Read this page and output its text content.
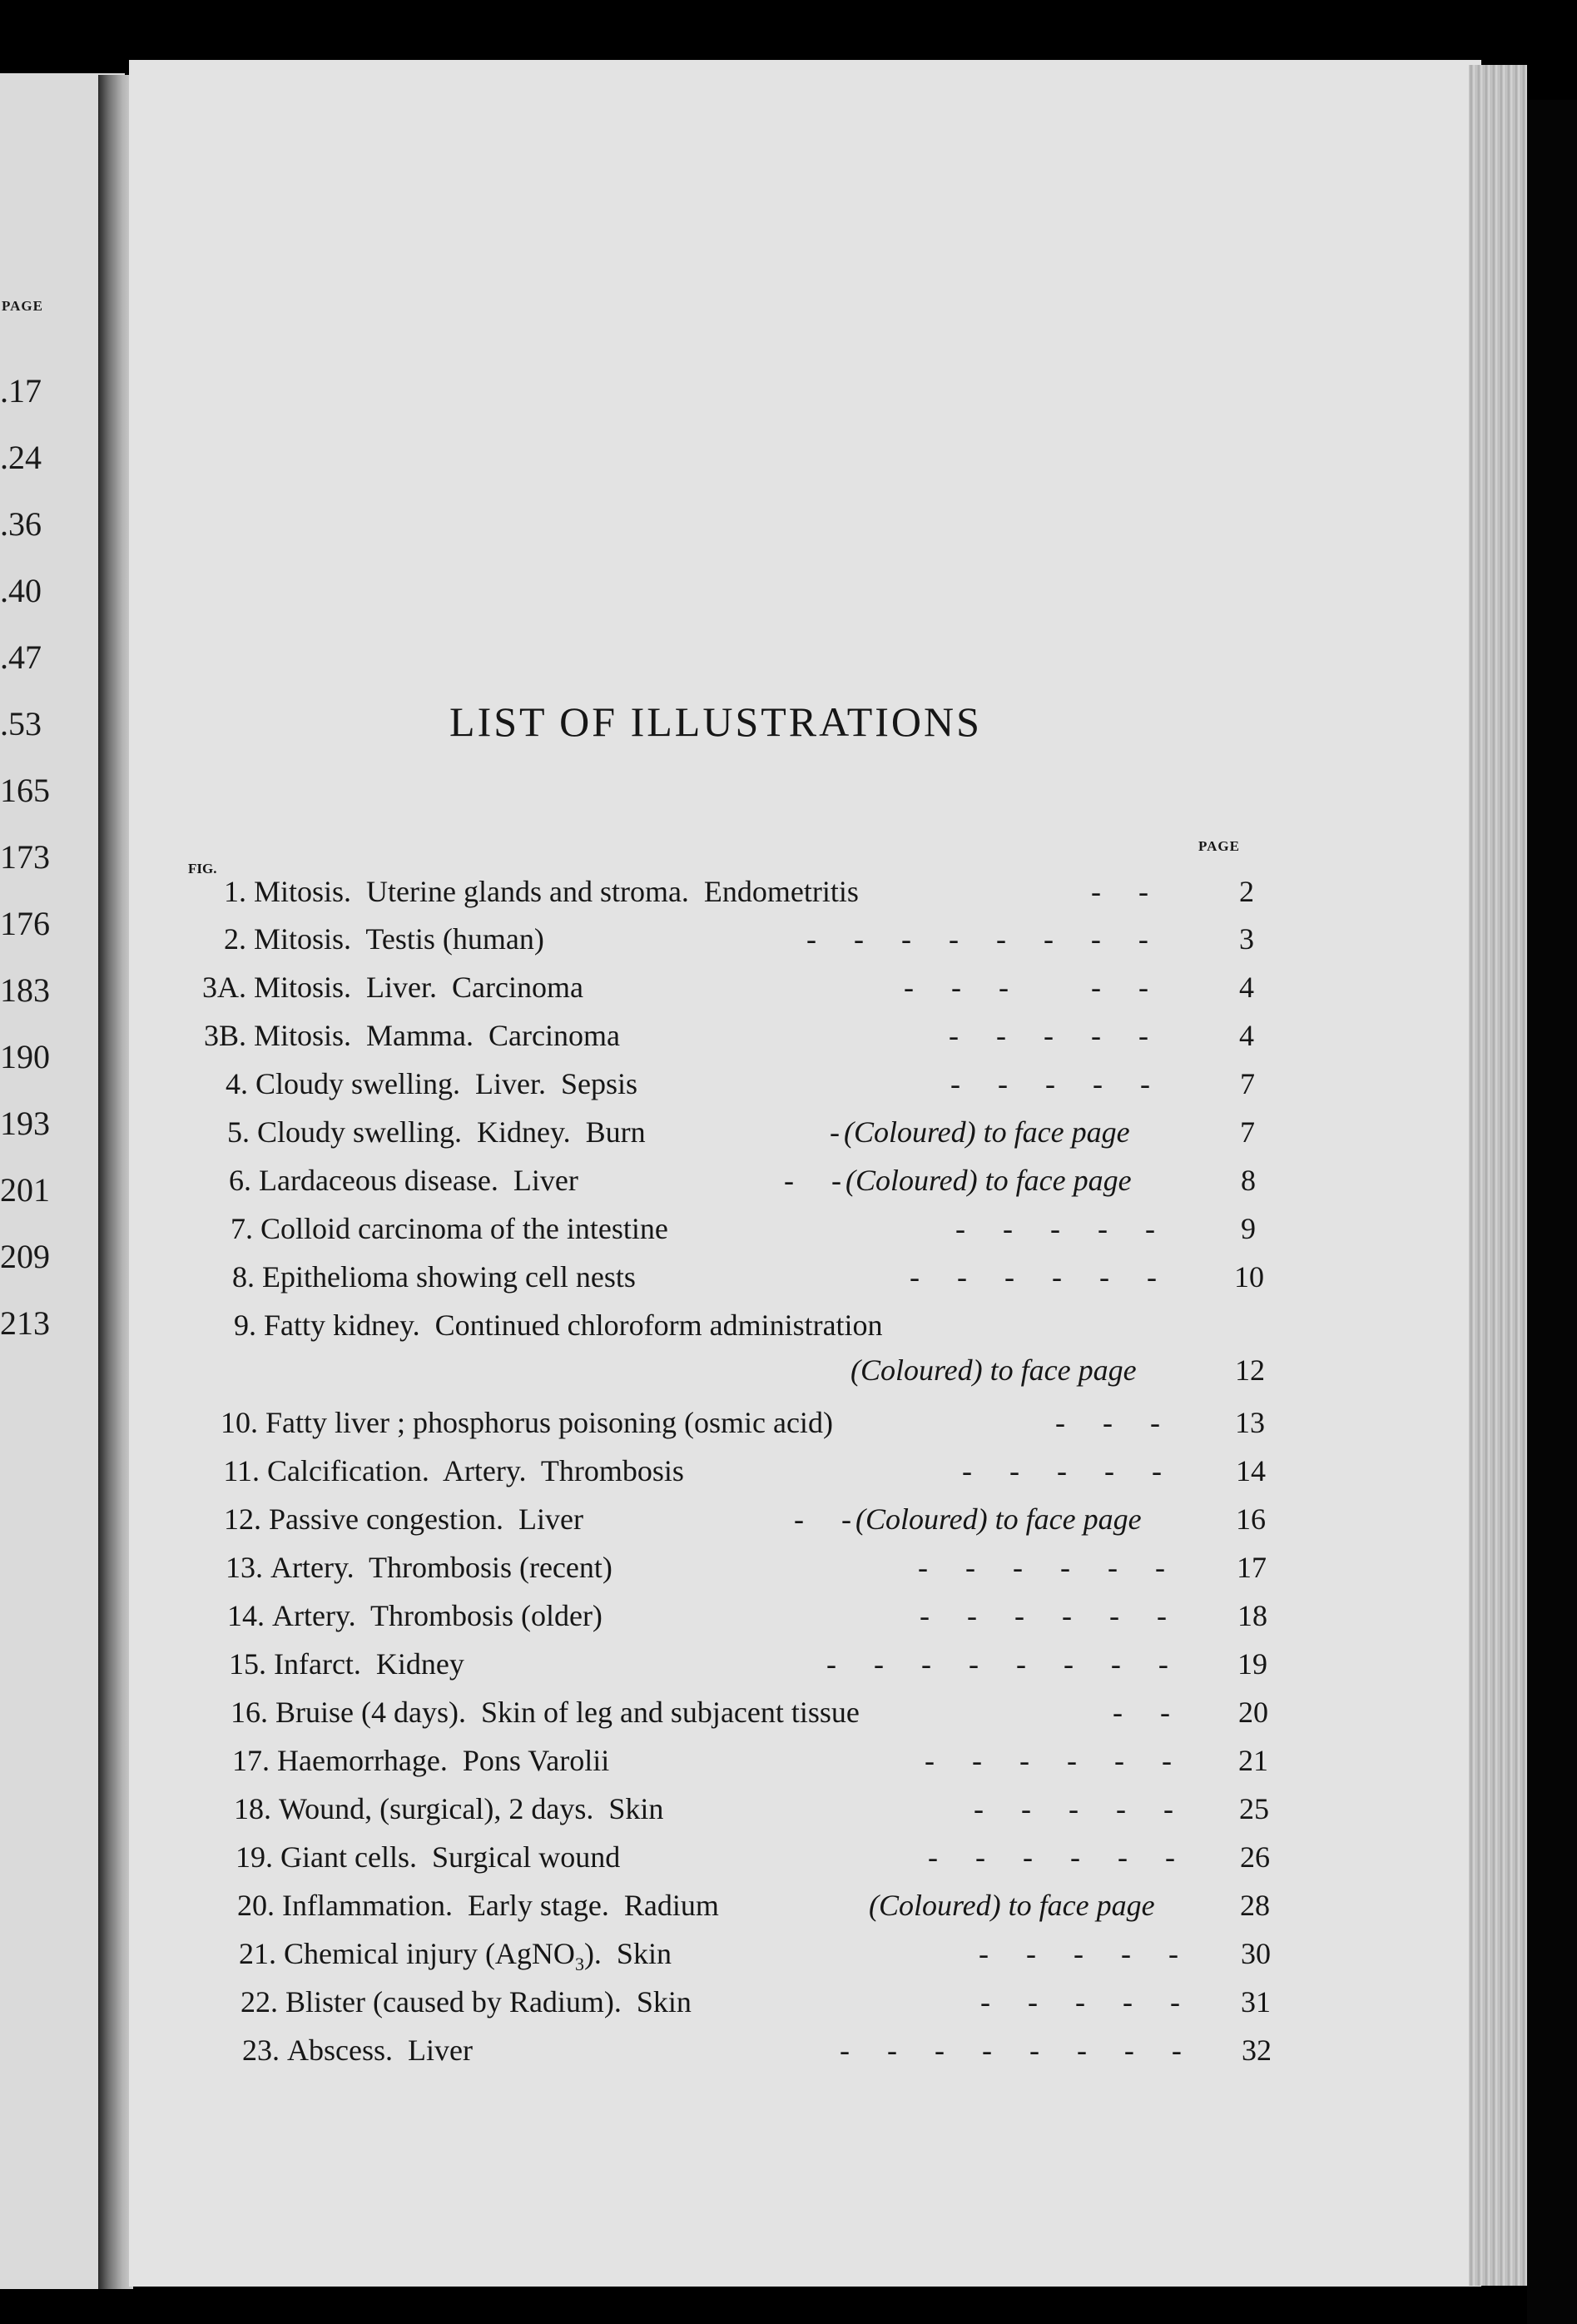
PAGE
.17
.24
.36
.40
.47
.53
165
173
176
183
190
193
201
209
213
LIST OF ILLUSTRATIONS
FIG.
PAGE
1. Mitosis.  Uterine glands and stroma.  Endometritis	-     -	2
2. Mitosis.  Testis (human)	-     -     -     -     -     -     -     -	3
3A. Mitosis.  Liver.  Carcinoma	-     -     -           -     -	4
3B. Mitosis.  Mamma.  Carcinoma	-     -     -     -     -	4
4. Cloudy swelling.  Liver.  Sepsis	-     -     -     -     -	7
5. Cloudy swelling.  Kidney.  Burn	- (Coloured) to face page	7
6. Lardaceous disease.  Liver	-     - (Coloured) to face page	8
7. Colloid carcinoma of the intestine	-     -     -     -     -	9
8. Epithelioma showing cell nests	-     -     -     -     -     -	10
9. Fatty kidney.  Continued chloroform administration
(Coloured) to face page	12
10. Fatty liver ; phosphorus poisoning (osmic acid)	-     -     -	13
11. Calcification.  Artery.  Thrombosis	-     -     -     -     -	14
12. Passive congestion.  Liver	-     - (Coloured) to face page	16
13. Artery.  Thrombosis (recent)	-     -     -     -     -     -	17
14. Artery.  Thrombosis (older)	-     -     -     -     -     -	18
15. Infarct.  Kidney	-     -     -     -     -     -     -     -	19
16. Bruise (4 days).  Skin of leg and subjacent tissue	-     -	20
17. Haemorrhage.  Pons Varolii	-     -     -     -     -     -	21
18. Wound, (surgical), 2 days.  Skin	-     -     -     -     -	25
19. Giant cells.  Surgical wound	-     -     -     -     -     -	26
20. Inflammation.  Early stage.  Radium	(Coloured) to face page	28
21. Chemical injury (AgNO$_3$).  Skin	-     -     -     -     -	30
22. Blister (caused by Radium).  Skin	-     -     -     -     -	31
23. Abscess.  Liver	-     -     -     -     -     -     -     -	32
